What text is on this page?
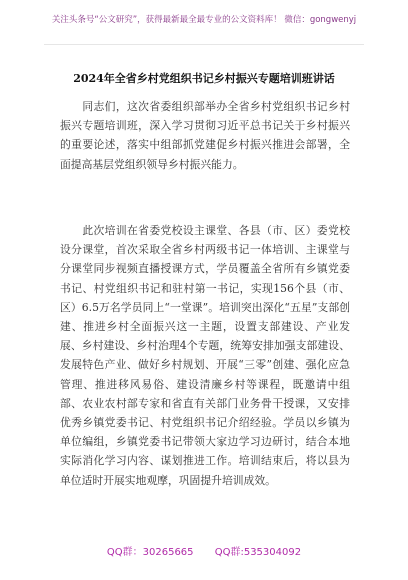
关注头条号“公文研究”，获得最新最全最专业的公文资料库！ 微信：gongwenyj
2024年全省乡村党组织书记乡村振兴专题培训班讲话

　　同志们，这次省委组织部举办全省乡村党组织书记乡村振兴专题培训班，深入学习贯彻习近平总书记关于乡村振兴的重要论述，落实中组部抓党建促乡村振兴推进会部署，全面提高基层党组织领导乡村振兴能力。

　　此次培训在省委党校设主课堂、各县（市、区）委党校设分课堂，首次采取全省乡村两级书记一体培训、主课堂与分课堂同步视频直播授课方式，学员覆盖全省所有乡镇党委书记、村党组织书记和驻村第一书记，实现156个县（市、区）6.5万名学员同上“一堂课”。培训突出深化“五星”支部创建、推进乡村全面振兴这一主题，设置支部建设、产业发展、乡村建设、乡村治理4个专题，统筹安排加强支部建设、发展特色产业、做好乡村规划、开展“三零”创建、强化应急管理、推进移风易俗、建设清廉乡村等课程，既邀请中组部、农业农村部专家和省直有关部门业务骨干授课，又安排优秀乡镇党委书记、村党组织书记介绍经验。学员以乡镇为单位编组，乡镇党委书记带领大家边学习边研讨，结合本地实际消化学习内容、谋划推进工作。培训结束后，将以县为单位适时开展实地观摩，巩固提升培训成效。

QQ群：30265665 QQ群:535304092
